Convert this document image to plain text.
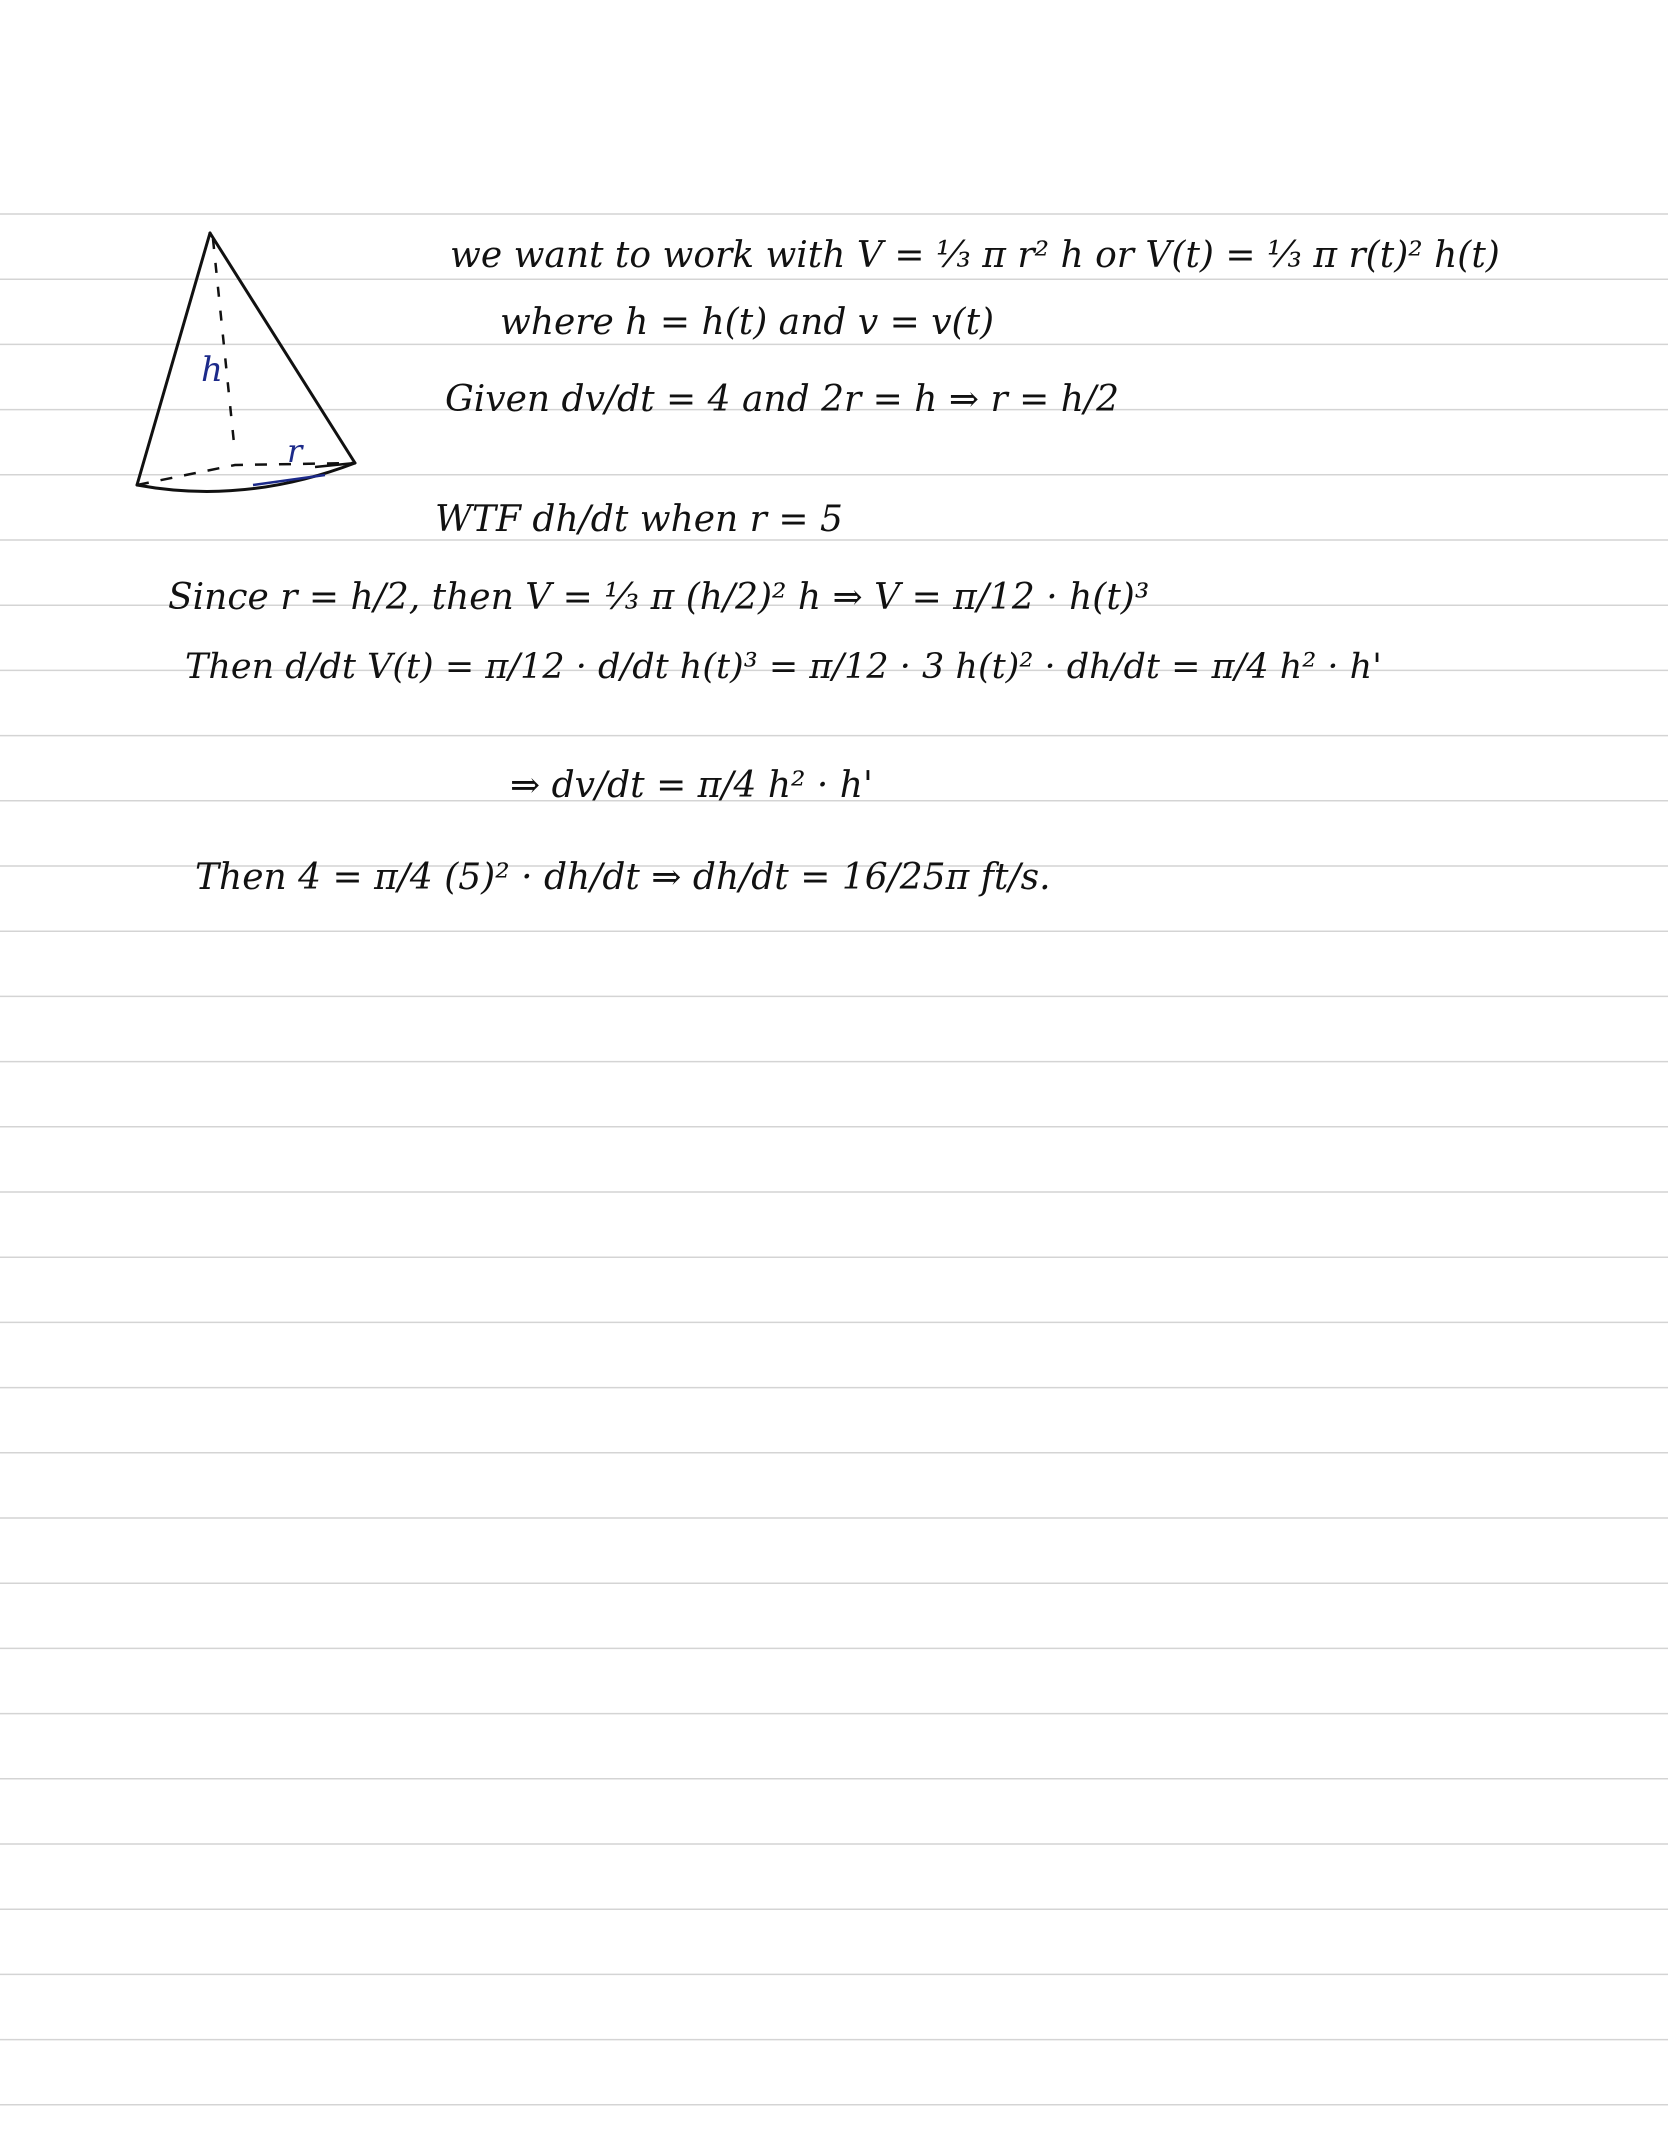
h
r
we want to work with V = ⅓ π r² h or V(t) = ⅓ π r(t)² h(t)
where h = h(t) and v = v(t)
Given dv/dt = 4 and 2r = h ⇒ r = h/2
WTF dh/dt when r = 5
Since r = h/2, then V = ⅓ π (h/2)² h ⇒ V = π/12 · h(t)³
Then d/dt V(t) = π/12 · d/dt h(t)³ = π/12 · 3 h(t)² · dh/dt = π/4 h² · h'
⇒ dv/dt = π/4 h² · h'
Then 4 = π/4 (5)² · dh/dt ⇒ dh/dt = 16/25π ft/s.
